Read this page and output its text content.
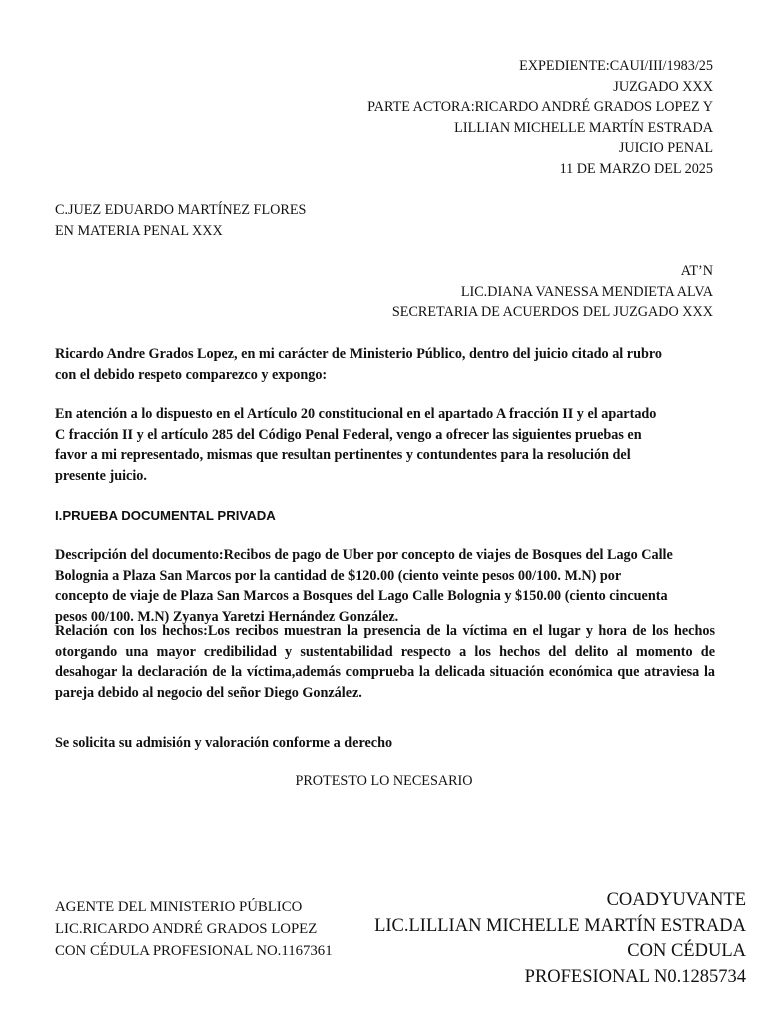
EXPEDIENTE:CAUI/III/1983/25
JUZGADO XXX
PARTE ACTORA:RICARDO ANDRÉ GRADOS LOPEZ Y
LILLIAN MICHELLE MARTÍN ESTRADA
JUICIO PENAL
11 DE MARZO DEL 2025
C.JUEZ EDUARDO MARTÍNEZ FLORES
EN MATERIA PENAL XXX
AT’N
LIC.DIANA VANESSA MENDIETA ALVA
SECRETARIA DE ACUERDOS DEL JUZGADO XXX
Ricardo Andre Grados Lopez, en mi carácter de Ministerio Público, dentro del juicio citado al rubro
con el debido respeto comparezco y expongo:
En atención a lo dispuesto en el Artículo 20 constitucional en el apartado A fracción II y el apartado
C fracción II y el artículo 285 del Código Penal Federal, vengo a ofrecer las siguientes pruebas en
favor a mi representado, mismas que resultan pertinentes y contundentes para la resolución del
presente juicio.
I.PRUEBA DOCUMENTAL PRIVADA
Descripción del documento:Recibos de pago de Uber por concepto de viajes de Bosques del Lago Calle
Bolognia a Plaza San Marcos por la cantidad de $120.00 (ciento veinte pesos 00/100. M.N) por
concepto de viaje de Plaza San Marcos a Bosques del Lago Calle Bolognia y $150.00 (ciento cincuenta
pesos 00/100. M.N) Zyanya Yaretzi Hernández González.
Relación con los hechos:Los recibos muestran la presencia de la víctima en el lugar y hora de los hechos otorgando una mayor credibilidad y sustentabilidad respecto a los hechos del delito al momento de desahogar la declaración de la víctima,además comprueba la delicada situación económica que atraviesa la pareja debido al negocio del señor Diego González.
Se solicita su admisión y valoración conforme a derecho
PROTESTO LO NECESARIO
AGENTE DEL MINISTERIO PÚBLICO
LIC.RICARDO ANDRÉ GRADOS LOPEZ
CON CÉDULA PROFESIONAL NO.1167361
COADYUVANTE
LIC.LILLIAN MICHELLE MARTÍN ESTRADA
CON CÉDULA
PROFESIONAL N0.1285734
